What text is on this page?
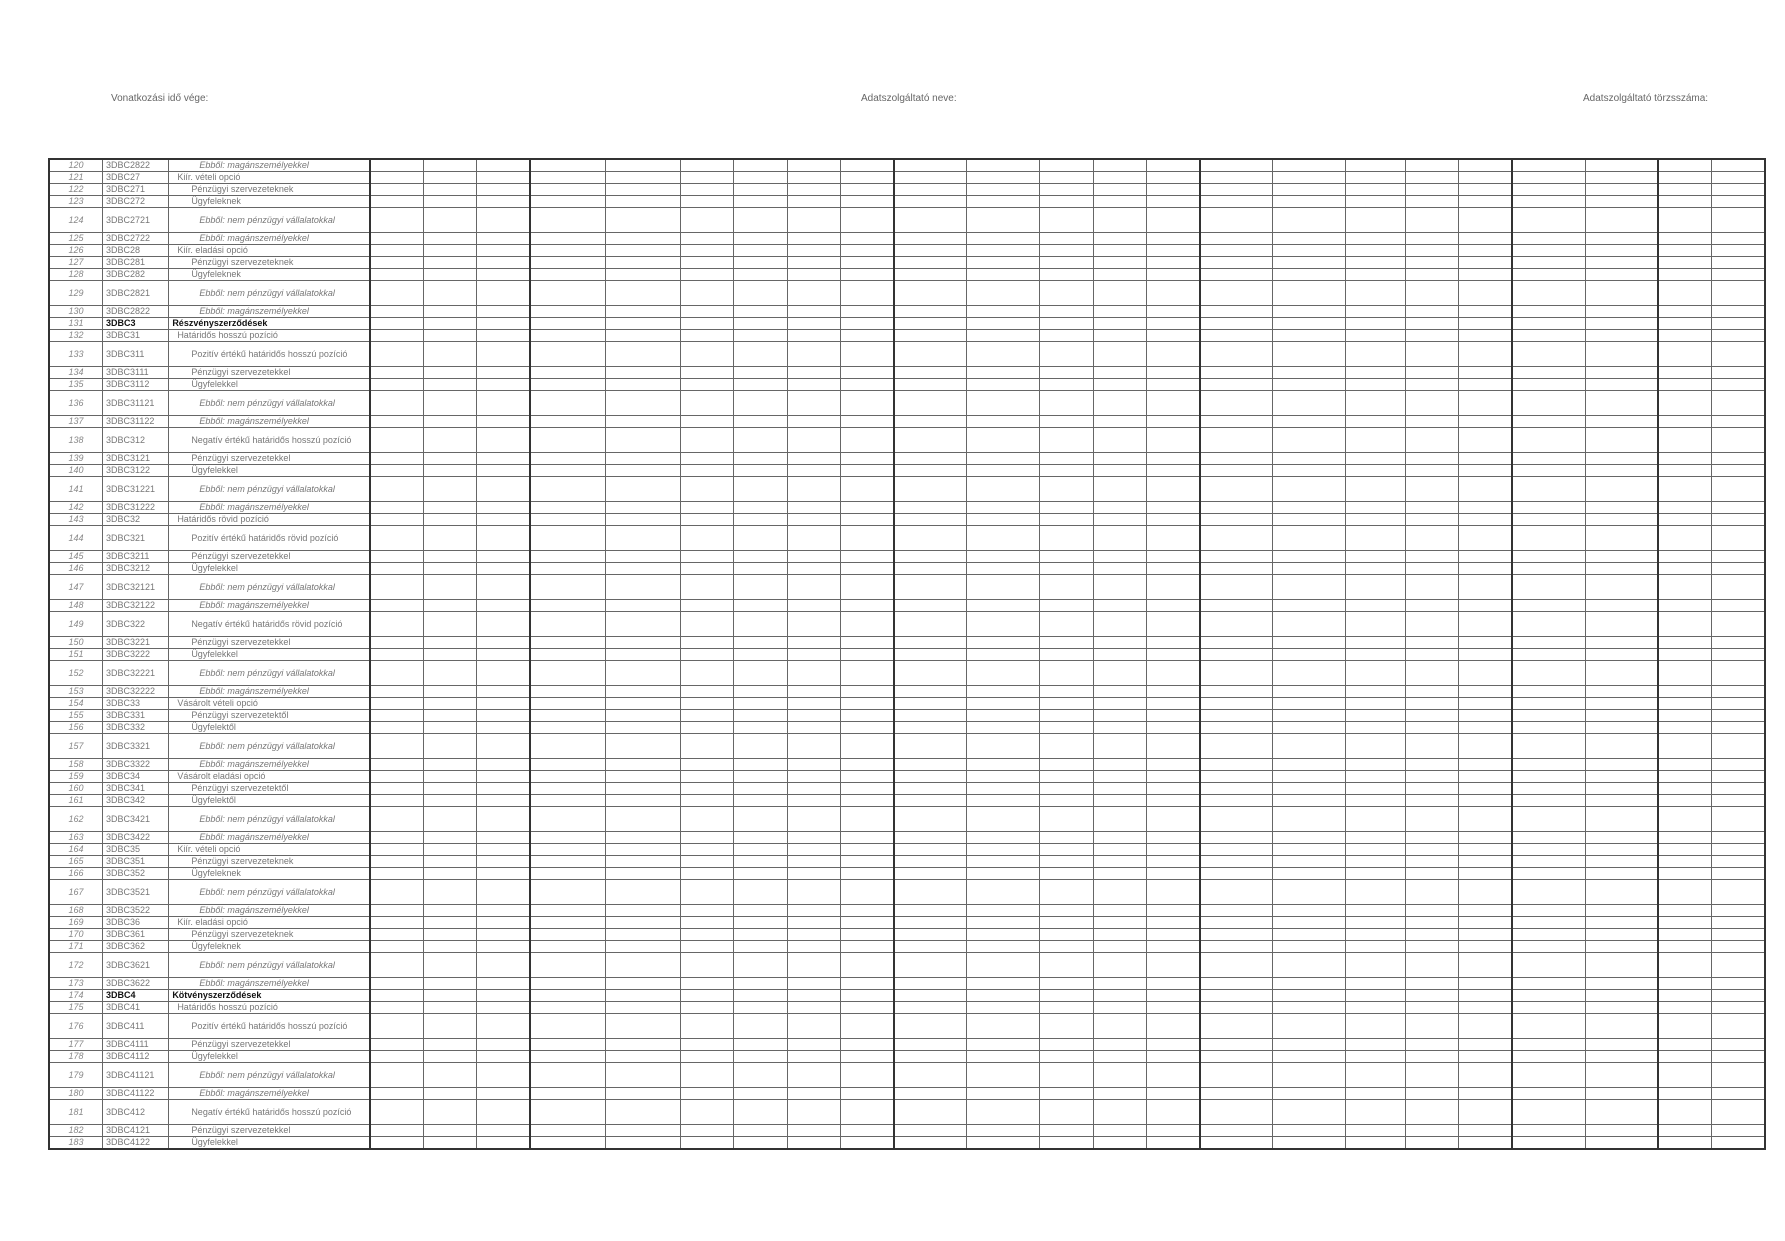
Vonatkozási idő vége:	Adatszolgáltató neve:	Adatszolgáltató törzsszáma:
120	3DBC2822	Ebből: magánszemélyekkel																							
121	3DBC27	Kiír. vételi opció																							
122	3DBC271	Pénzügyi szervezeteknek																							
123	3DBC272	Ügyfeleknek																							
124	3DBC2721	Ebből: nem pénzügyi vállalatokkal																							
125	3DBC2722	Ebből: magánszemélyekkel																							
126	3DBC28	Kiír. eladási opció																							
127	3DBC281	Pénzügyi szervezeteknek																							
128	3DBC282	Ügyfeleknek																							
129	3DBC2821	Ebből: nem pénzügyi vállalatokkal																							
130	3DBC2822	Ebből: magánszemélyekkel																							
131	3DBC3	Részvényszerződések																							
132	3DBC31	Határidős hosszú pozíció																							
133	3DBC311	Pozitív értékű határidős hosszú pozíció																							
134	3DBC3111	Pénzügyi szervezetekkel																							
135	3DBC3112	Ügyfelekkel																							
136	3DBC31121	Ebből: nem pénzügyi vállalatokkal																							
137	3DBC31122	Ebből: magánszemélyekkel																							
138	3DBC312	Negatív értékű határidős hosszú pozíció																							
139	3DBC3121	Pénzügyi szervezetekkel																							
140	3DBC3122	Ügyfelekkel																							
141	3DBC31221	Ebből: nem pénzügyi vállalatokkal																							
142	3DBC31222	Ebből: magánszemélyekkel																							
143	3DBC32	Határidős rövid pozíció																							
144	3DBC321	Pozitív értékű határidős rövid pozíció																							
145	3DBC3211	Pénzügyi szervezetekkel																							
146	3DBC3212	Ügyfelekkel																							
147	3DBC32121	Ebből: nem pénzügyi vállalatokkal																							
148	3DBC32122	Ebből: magánszemélyekkel																							
149	3DBC322	Negatív értékű határidős rövid pozíció																							
150	3DBC3221	Pénzügyi szervezetekkel																							
151	3DBC3222	Ügyfelekkel																							
152	3DBC32221	Ebből: nem pénzügyi vállalatokkal																							
153	3DBC32222	Ebből: magánszemélyekkel																							
154	3DBC33	Vásárolt vételi opció																							
155	3DBC331	Pénzügyi szervezetektől																							
156	3DBC332	Ügyfelektől																							
157	3DBC3321	Ebből: nem pénzügyi vállalatokkal																							
158	3DBC3322	Ebből: magánszemélyekkel																							
159	3DBC34	Vásárolt eladási opció																							
160	3DBC341	Pénzügyi szervezetektől																							
161	3DBC342	Ügyfelektől																							
162	3DBC3421	Ebből: nem pénzügyi vállalatokkal																							
163	3DBC3422	Ebből: magánszemélyekkel																							
164	3DBC35	Kiír. vételi opció																							
165	3DBC351	Pénzügyi szervezeteknek																							
166	3DBC352	Ügyfeleknek																							
167	3DBC3521	Ebből: nem pénzügyi vállalatokkal																							
168	3DBC3522	Ebből: magánszemélyekkel																							
169	3DBC36	Kiír. eladási opció																							
170	3DBC361	Pénzügyi szervezeteknek																							
171	3DBC362	Ügyfeleknek																							
172	3DBC3621	Ebből: nem pénzügyi vállalatokkal																							
173	3DBC3622	Ebből: magánszemélyekkel																							
174	3DBC4	Kötvényszerződések																							
175	3DBC41	Határidős hosszú pozíció																							
176	3DBC411	Pozitív értékű határidős hosszú pozíció																							
177	3DBC4111	Pénzügyi szervezetekkel																							
178	3DBC4112	Ügyfelekkel																							
179	3DBC41121	Ebből: nem pénzügyi vállalatokkal																							
180	3DBC41122	Ebből: magánszemélyekkel																							
181	3DBC412	Negatív értékű határidős hosszú pozíció																							
182	3DBC4121	Pénzügyi szervezetekkel																							
183	3DBC4122	Ügyfelekkel																							
